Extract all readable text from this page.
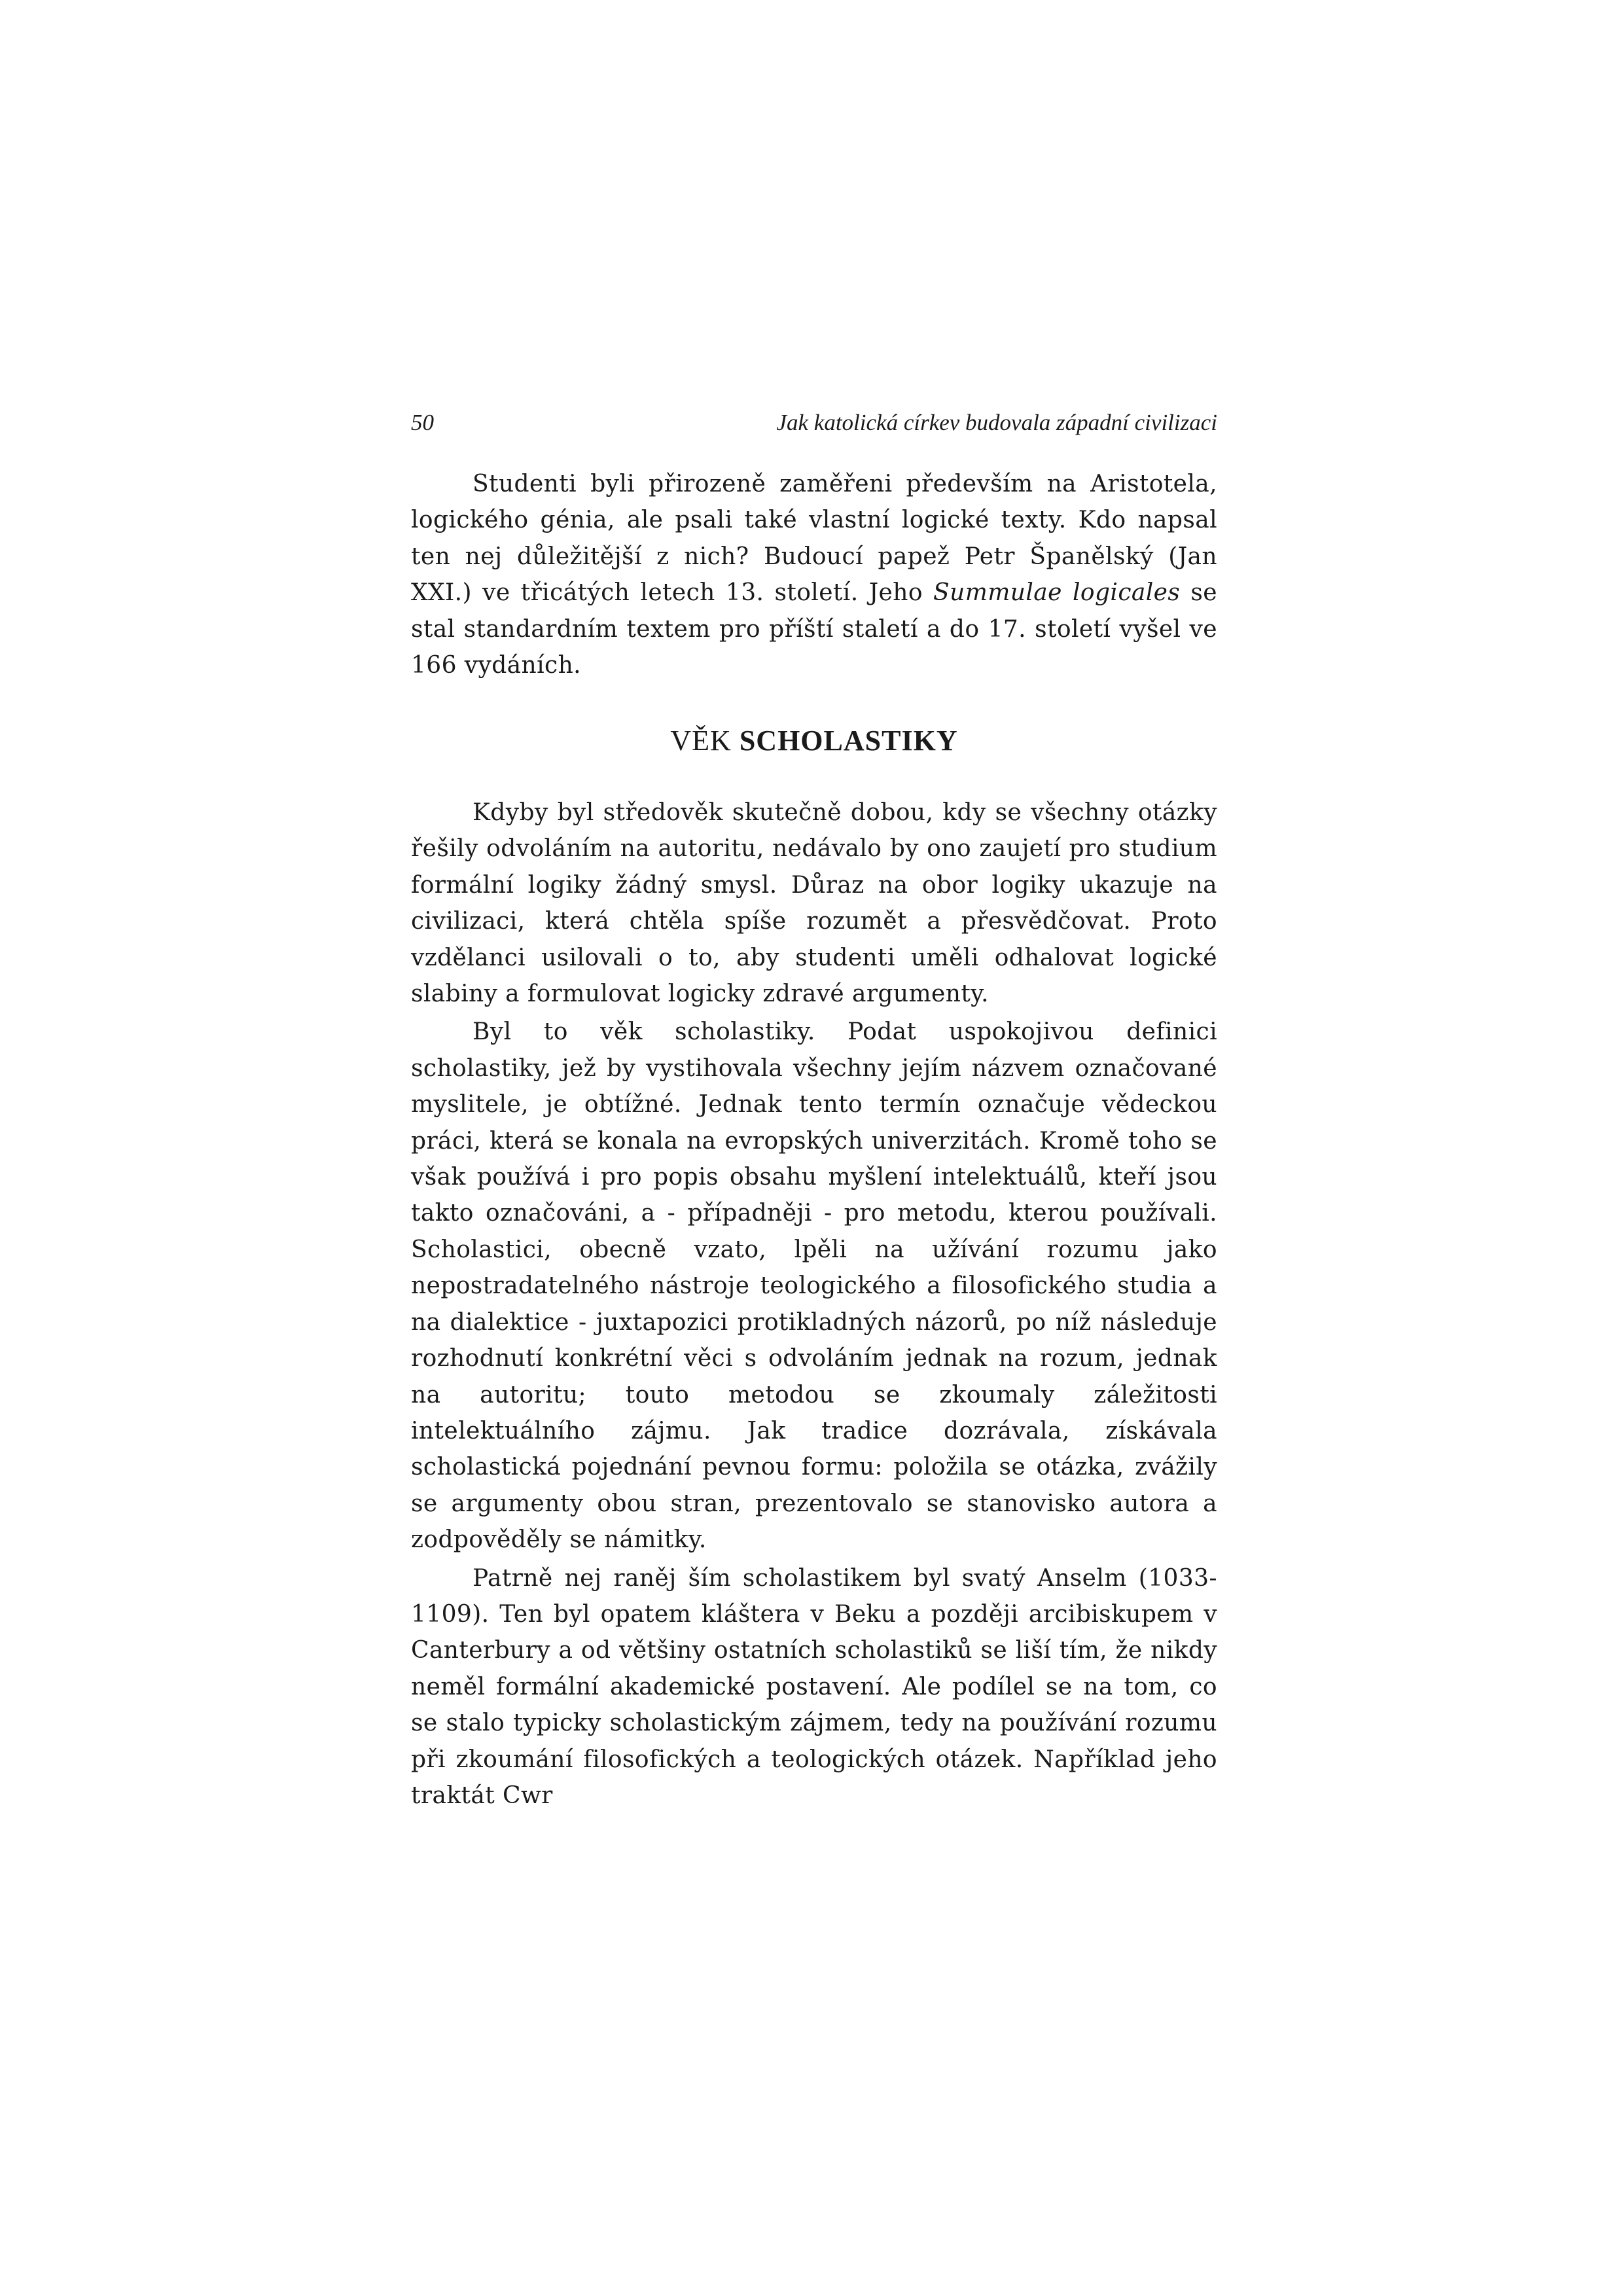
50	Jak katolická církev budovala západní civilizaci

Studenti byli přirozeně zaměřeni především na Aristotela, logického génia, ale psali také vlastní logické texty. Kdo napsal ten nej důležitější z nich? Budoucí papež Petr Španělský (Jan XXI.) ve třicátých letech 13. století. Jeho Summulae logicales se stal standardním textem pro příští staletí a do 17. století vyšel ve 166 vydáních.

VĚK SCHOLASTIKY

Kdyby byl středověk skutečně dobou, kdy se všechny otázky řešily odvoláním na autoritu, nedávalo by ono zaujetí pro studium formální logiky žádný smysl. Důraz na obor logiky ukazuje na civilizaci, která chtěla spíše rozumět a přesvědčovat. Proto vzdělanci usilovali o to, aby studenti uměli odhalovat logické slabiny a formulovat logicky zdravé argumenty.

Byl to věk scholastiky. Podat uspokojivou definici scholastiky, jež by vystihovala všechny jejím názvem označované myslitele, je obtížné. Jednak tento termín označuje vědeckou práci, která se konala na evropských univerzitách. Kromě toho se však používá i pro popis obsahu myšlení intelektuálů, kteří jsou takto označováni, a - případněji - pro metodu, kterou používali. Scholastici, obecně vzato, lpěli na užívání rozumu jako nepostradatelného nástroje teologického a filosofického studia a na dialektice - juxtapozici protikladných názorů, po níž následuje rozhodnutí konkrétní věci s odvoláním jednak na rozum, jednak na autoritu; touto metodou se zkoumaly záležitosti intelektuálního zájmu. Jak tradice dozrávala, získávala scholastická pojednání pevnou formu: položila se otázka, zvážily se argumenty obou stran, prezentovalo se stanovisko autora a zodpověděly se námitky.

Patrně nej raněj ším scholastikem byl svatý Anselm (1033-1109). Ten byl opatem kláštera v Beku a později arcibiskupem v Canterbury a od většiny ostatních scholastiků se liší tím, že nikdy neměl formální akademické postavení. Ale podílel se na tom, co se stalo typicky scholastickým zájmem, tedy na používání rozumu při zkoumání filosofických a teologických otázek. Například jeho traktát Cwr
